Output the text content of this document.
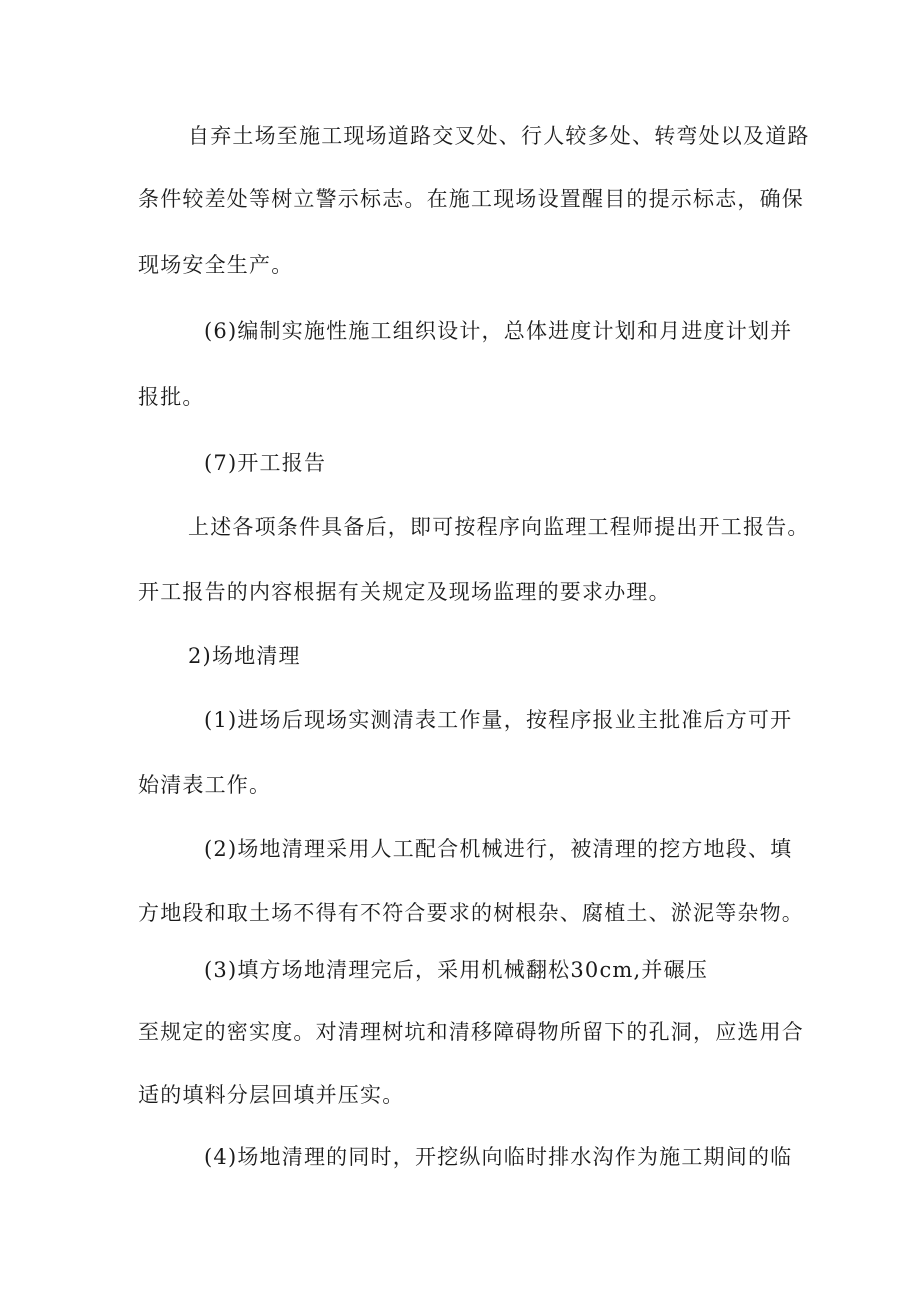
自弃土场至施工现场道路交叉处、行人较多处、转弯处以及道路
条件较差处等树立警示标志。在施工现场设置醒目的提示标志，确保
现场安全生产。
(6)编制实施性施工组织设计，总体进度计划和月进度计划并
报批。
(7)开工报告
上述各项条件具备后，即可按程序向监理工程师提出开工报告。
开工报告的内容根据有关规定及现场监理的要求办理。
2)场地清理
(1)进场后现场实测清表工作量，按程序报业主批准后方可开
始清表工作。
(2)场地清理采用人工配合机械进行，被清理的挖方地段、填
方地段和取土场不得有不符合要求的树根杂、腐植土、淤泥等杂物。
(3)填方场地清理完后，采用机械翻松30cm,并碾压
至规定的密实度。对清理树坑和清移障碍物所留下的孔洞，应选用合
适的填料分层回填并压实。
(4)场地清理的同时，开挖纵向临时排水沟作为施工期间的临
